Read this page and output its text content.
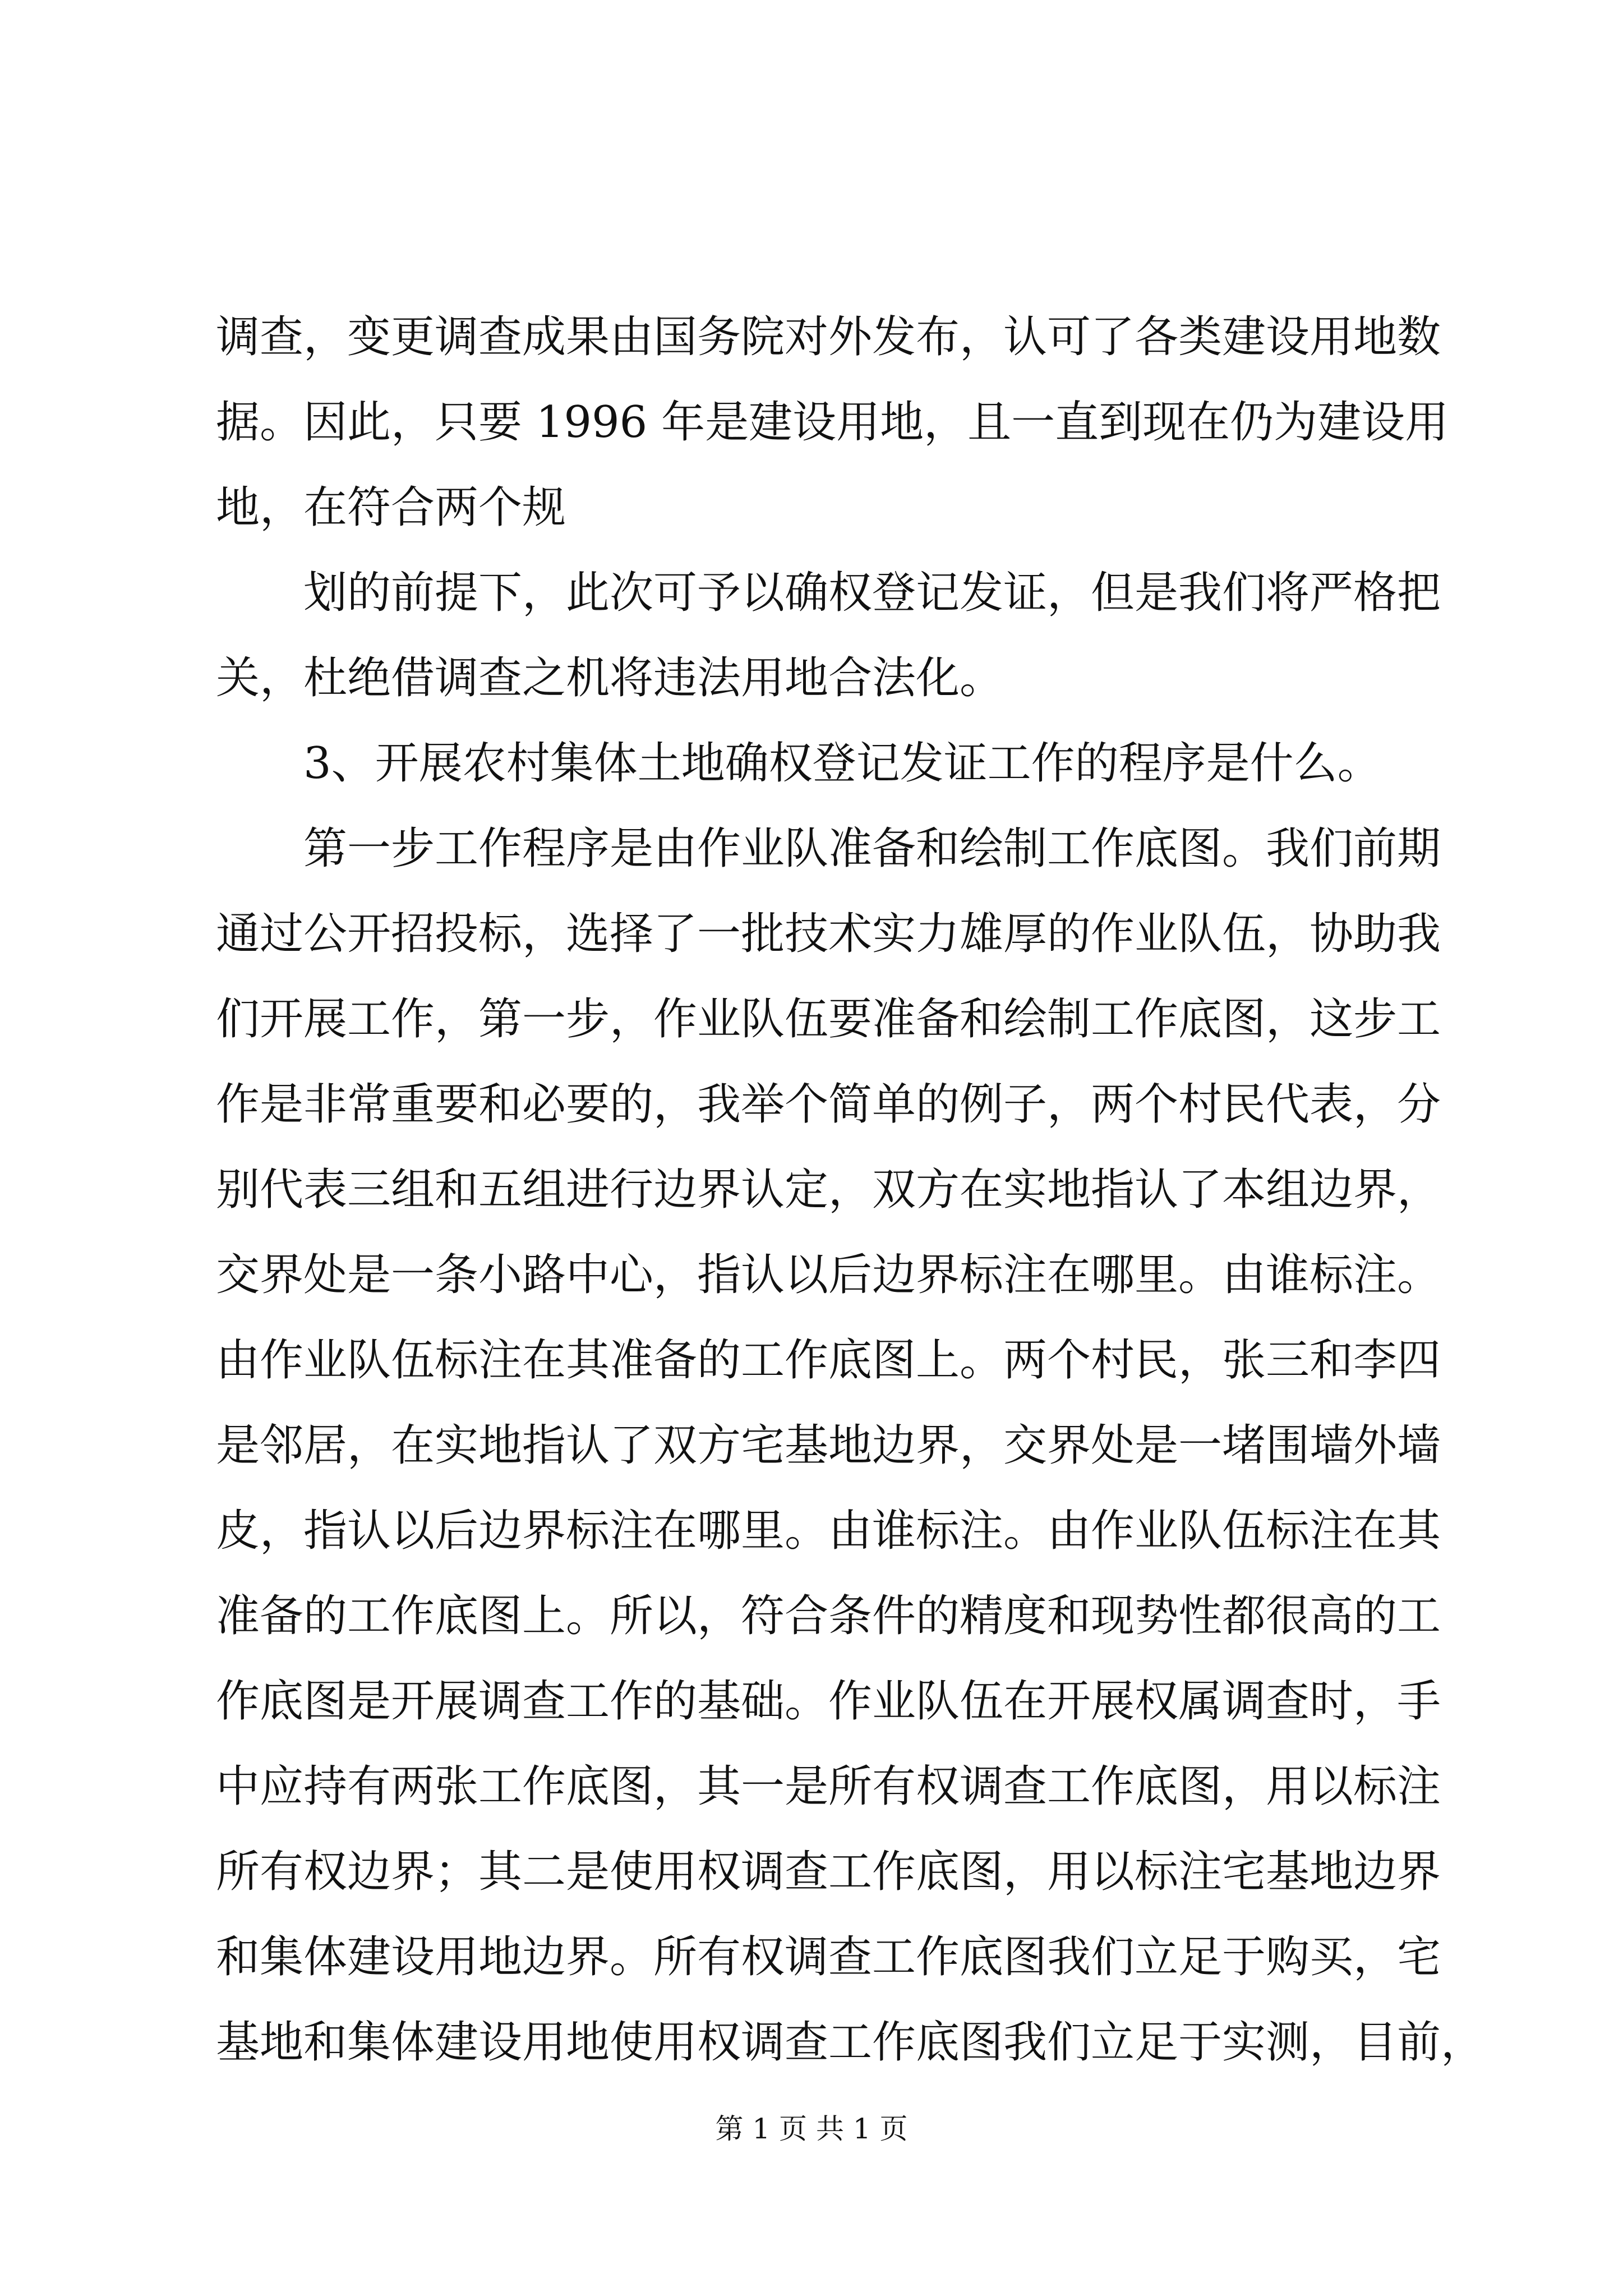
调查，变更调查成果由国务院对外发布，认可了各类建设用地数
据。因此，只要 1996 年是建设用地，且一直到现在仍为建设用
地，在符合两个规
划的前提下，此次可予以确权登记发证，但是我们将严格把
关，杜绝借调查之机将违法用地合法化。
3、开展农村集体土地确权登记发证工作的程序是什么。
第一步工作程序是由作业队准备和绘制工作底图。我们前期
通过公开招投标，选择了一批技术实力雄厚的作业队伍，协助我
们开展工作，第一步，作业队伍要准备和绘制工作底图，这步工
作是非常重要和必要的，我举个简单的例子，两个村民代表，分
别代表三组和五组进行边界认定，双方在实地指认了本组边界，
交界处是一条小路中心，指认以后边界标注在哪里。由谁标注。
由作业队伍标注在其准备的工作底图上。两个村民，张三和李四
是邻居，在实地指认了双方宅基地边界，交界处是一堵围墙外墙
皮，指认以后边界标注在哪里。由谁标注。由作业队伍标注在其
准备的工作底图上。所以，符合条件的精度和现势性都很高的工
作底图是开展调查工作的基础。作业队伍在开展权属调查时，手
中应持有两张工作底图，其一是所有权调查工作底图，用以标注
所有权边界；其二是使用权调查工作底图，用以标注宅基地边界
和集体建设用地边界。所有权调查工作底图我们立足于购买，宅
基地和集体建设用地使用权调查工作底图我们立足于实测，目前，
第 1 页 共 1 页
